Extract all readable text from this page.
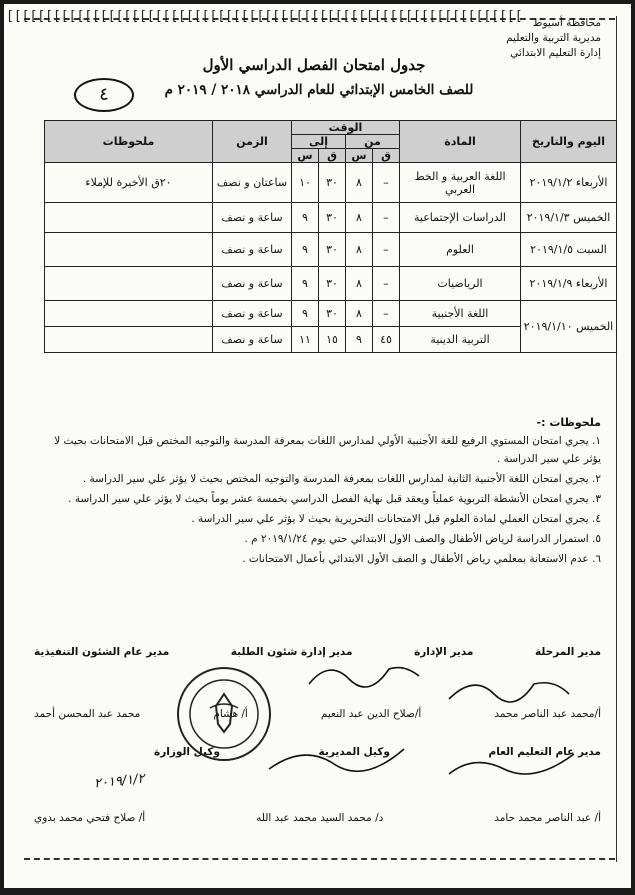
[[[[[[[[[[[[[[[[[[[[[[[[[[[[[[[[[[[[[[[[[[[[[[[[[[[[[[[[[[[[[[[[[[ محافظة أسيوط
مديرية التربية والتعليم
إدارة التعليم الابتدائي
جدول امتحان الفصل الدراسي الأول
للصف الخامس الإبتدائي للعام الدراسي ٢٠١٨ / ٢٠١٩ م
٤
اليوم والتاريخ	المادة	الوقت				الزمن	ملحوظات
		من		إلى			
		ق	س	ق	س		
الأربعاء ٢٠١٩/١/٢	اللغة العربية و الخط العربي	–	٨	٣٠	١٠	ساعتان و نصف	٢٠ق الأخيرة للإملاء
الخميس ٢٠١٩/١/٣	الدراسات الإجتماعية	–	٨	٣٠	٩	ساعة و نصف	
السبت ٢٠١٩/١/٥	العلوم	–	٨	٣٠	٩	ساعة و نصف	
الأربعاء ٢٠١٩/١/٩	الرياضيات	–	٨	٣٠	٩	ساعة و نصف	
الخميس ٢٠١٩/١/١٠	اللغة الأجنبية	–	٨	٣٠	٩	ساعة و نصف	
	التربية الدينية	٤٥	٩	١٥	١١	ساعة و نصف	
ملحوظات :-

١. يجري امتحان المستوي الرفيع للغة الأجنبية الأولي لمدارس اللغات بمعرفة المدرسة والتوجيه المختص قبل الامتحانات بحيث لا يؤثر علي سير الدراسة .

٢. يجري امتحان اللغة الأجنبية الثانية لمدارس اللغات بمعرفة المدرسة والتوجيه المختص بحيث لا يؤثر علي سير الدراسة .

٣. يجري امتحان الأنشطة التربوية عملياً ويعقد قبل نهاية الفصل الدراسي بخمسة عشر يوماً بحيث لا يؤثر علي سير الدراسة .

٤. يجري امتحان العملي لمادة العلوم قبل الامتحانات التحريرية بحيث لا يؤثر علي سير الدراسة .

٥. استمرار الدراسة لرياض الأطفال والصف الاول الابتدائي حتي يوم ٢٠١٩/١/٢٤ م .

٦. عدم الاستعانة بمعلمي رياض الأطفال و الصف الأول الابتدائي بأعمال الامتحانات .

مدير المرحلة
مدير الإدارة
مدير إدارة شئون الطلبة
مدير عام الشئون التنفيذية
أ/محمد عبد الناصر محمد
أ/صلاح الدين عبد النعيم
أ/ هشام
محمد عبد المحسن أحمد
مدير عام التعليم العام
وكيل المديرية
وكيل الوزارة
أ/ عبد الناصر محمد حامد
د/ محمد السيد محمد عبد الله
أ/ صلاح فتحي محمد بدوي
٢٠١٩/١/٢
